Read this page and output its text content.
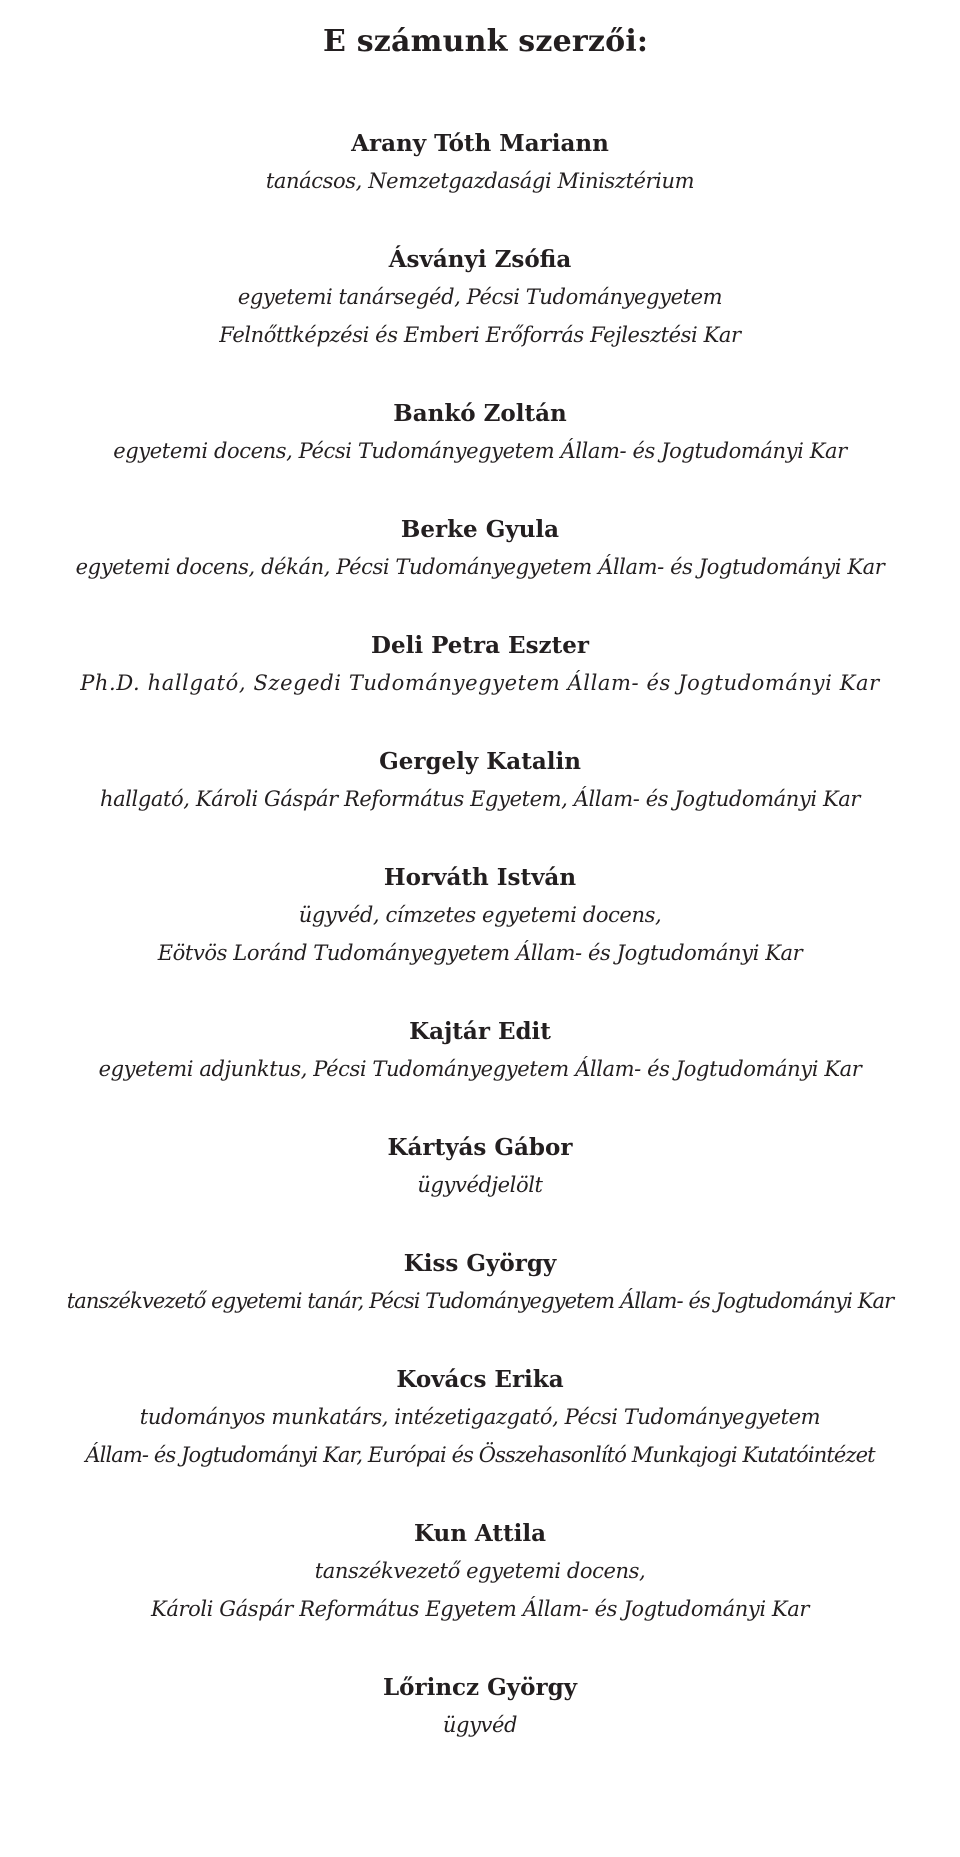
E számunk szerzői:
Arany Tóth Mariann
tanácsos, Nemzetgazdasági Minisztérium
Ásványi Zsófia
egyetemi tanársegéd, Pécsi Tudományegyetem
Felnőttképzési és Emberi Erőforrás Fejlesztési Kar
Bankó Zoltán
egyetemi docens, Pécsi Tudományegyetem Állam- és Jogtudományi Kar
Berke Gyula
egyetemi docens, dékán, Pécsi Tudományegyetem Állam- és Jogtudományi Kar
Deli Petra Eszter
Ph.D. hallgató, Szegedi Tudományegyetem Állam- és Jogtudományi Kar
Gergely Katalin
hallgató, Károli Gáspár Református Egyetem, Állam- és Jogtudományi Kar
Horváth István
ügyvéd, címzetes egyetemi docens,
Eötvös Loránd Tudományegyetem Állam- és Jogtudományi Kar
Kajtár Edit
egyetemi adjunktus, Pécsi Tudományegyetem Állam- és Jogtudományi Kar
Kártyás Gábor
ügyvédjelölt
Kiss György
tanszékvezető egyetemi tanár, Pécsi Tudományegyetem Állam- és Jogtudományi Kar
Kovács Erika
tudományos munkatárs, intézetigazgató, Pécsi Tudományegyetem
Állam- és Jogtudományi Kar, Európai és Összehasonlító Munkajogi Kutatóintézet
Kun Attila
tanszékvezető egyetemi docens,
Károli Gáspár Református Egyetem Állam- és Jogtudományi Kar
Lőrincz György
ügyvéd
